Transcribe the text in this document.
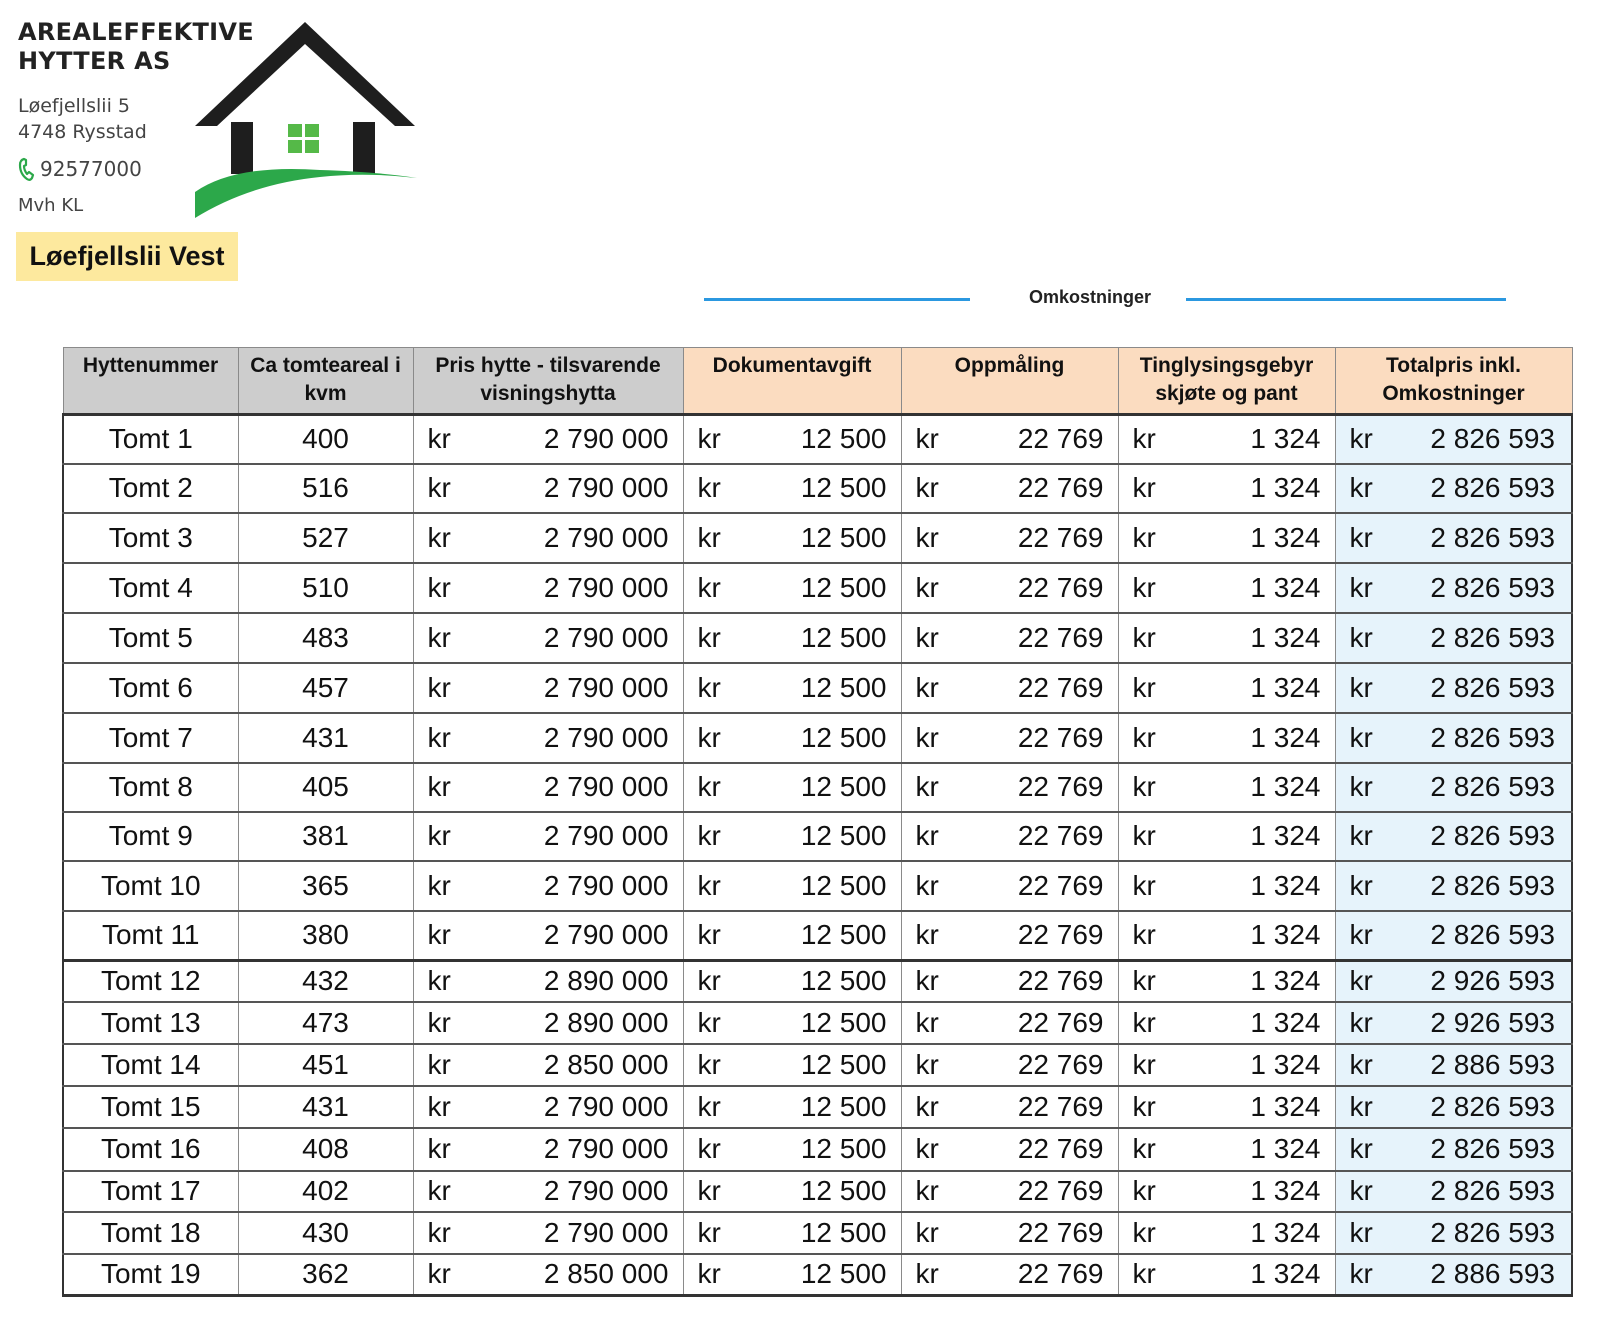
AREALEFFEKTIVE
HYTTER AS
Løefjellslii 5
4748 Rysstad
92577000
Mvh KL
Løefjellslii Vest
Omkostninger
Hyttenummer	Ca tomteareal i kvm	Pris hytte - tilsvarende visningshytta	Dokumentavgift	Oppmåling	Tinglysingsgebyr skjøte og pant	Totalpris inkl. Omkostninger
Tomt 1	400	kr 2 790 000	kr 12 500	kr 22 769	kr 1 324	kr 2 826 593

Tomt 2	516	kr 2 790 000	kr 12 500	kr 22 769	kr 1 324	kr 2 826 593

Tomt 3	527	kr 2 790 000	kr 12 500	kr 22 769	kr 1 324	kr 2 826 593

Tomt 4	510	kr 2 790 000	kr 12 500	kr 22 769	kr 1 324	kr 2 826 593

Tomt 5	483	kr 2 790 000	kr 12 500	kr 22 769	kr 1 324	kr 2 826 593

Tomt 6	457	kr 2 790 000	kr 12 500	kr 22 769	kr 1 324	kr 2 826 593

Tomt 7	431	kr 2 790 000	kr 12 500	kr 22 769	kr 1 324	kr 2 826 593

Tomt 8	405	kr 2 790 000	kr 12 500	kr 22 769	kr 1 324	kr 2 826 593

Tomt 9	381	kr 2 790 000	kr 12 500	kr 22 769	kr 1 324	kr 2 826 593

Tomt 10	365	kr 2 790 000	kr 12 500	kr 22 769	kr 1 324	kr 2 826 593

Tomt 11	380	kr 2 790 000	kr 12 500	kr 22 769	kr 1 324	kr 2 826 593

Tomt 12	432	kr 2 890 000	kr 12 500	kr 22 769	kr 1 324	kr 2 926 593

Tomt 13	473	kr 2 890 000	kr 12 500	kr 22 769	kr 1 324	kr 2 926 593

Tomt 14	451	kr 2 850 000	kr 12 500	kr 22 769	kr 1 324	kr 2 886 593

Tomt 15	431	kr 2 790 000	kr 12 500	kr 22 769	kr 1 324	kr 2 826 593

Tomt 16	408	kr 2 790 000	kr 12 500	kr 22 769	kr 1 324	kr 2 826 593

Tomt 17	402	kr 2 790 000	kr 12 500	kr 22 769	kr 1 324	kr 2 826 593

Tomt 18	430	kr 2 790 000	kr 12 500	kr 22 769	kr 1 324	kr 2 826 593

Tomt 19	362	kr 2 850 000	kr 12 500	kr 22 769	kr 1 324	kr 2 886 593
